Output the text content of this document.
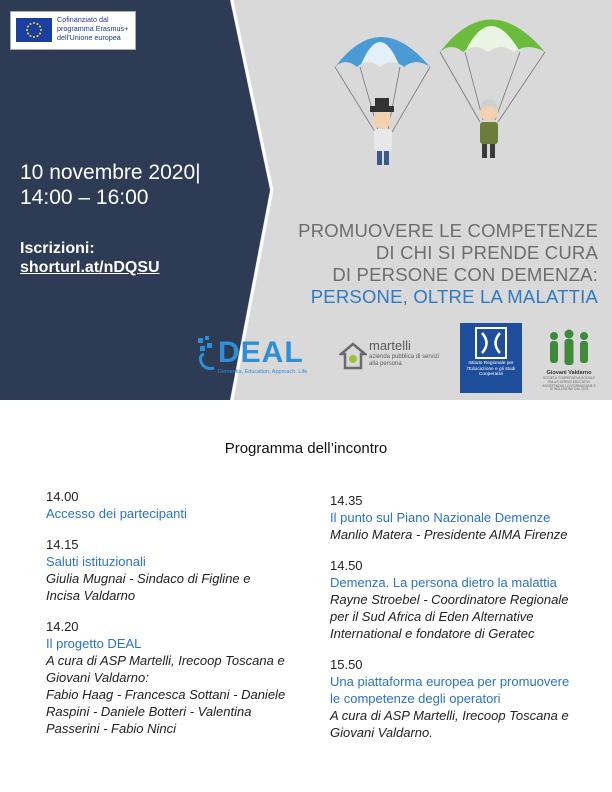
Cofinanziato dal
programma Erasmus+
dell'Unione europea
10 novembre 2020|
14:00 – 16:00
Iscrizioni:
shorturl.at/nDQSU
PROMUOVERE LE COMPETENZE
DI CHI SI PRENDE CURA
DI PERSONE CON DEMENZA:
PERSONE, OLTRE LA MALATTIA
DEAL
Dementia, Education, Approach, Life
martelli
azienda pubblica di servizi alla persona	Istituto Regionale per l'Educazione e gli studi Cooperativi	Giovani Valdarno
SOCIETÀ COOPERATIVA SOCIALE ONLUS SERVIZI EDUCATIVI, ASSISTENZIALI, DI FORMAZIONE E DI INCLUSIONE DAL 1978
Programma dell’incontro
14.00
Accesso dei partecipanti
14.15
Saluti istituzionali
Giulia Mugnai - Sindaco di Figline e
Incisa Valdarno
14.20
Il progetto DEAL
A cura di ASP Martelli, Irecoop Toscana e
Giovani Valdarno:
Fabio Haag - Francesca Sottani - Daniele
Raspini - Daniele Botteri - Valentina
Passerini - Fabio Ninci
14.35
Il punto sul Piano Nazionale Demenze
Manlio Matera - Presidente AIMA Firenze
14.50
Demenza. La persona dietro la malattia
Rayne Stroebel - Coordinatore Regionale
per il Sud Africa di Eden Alternative
International e fondatore di Geratec
15.50
Una piattaforma europea per promuovere
le competenze degli operatori
A cura di ASP Martelli, Irecoop Toscana e
Giovani Valdarno.
